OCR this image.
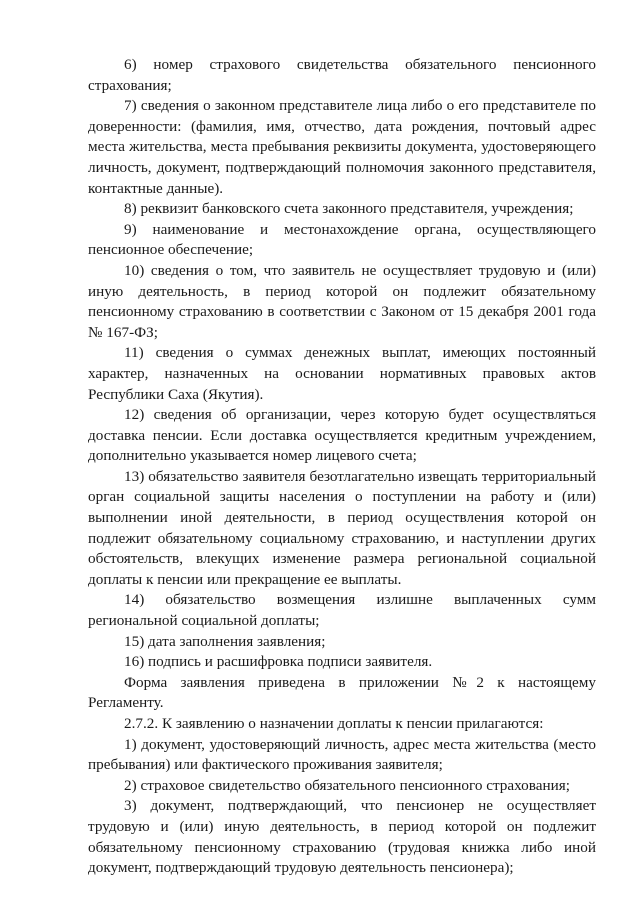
6) номер страхового свидетельства обязательного пенсионного страхования;

7) сведения о законном представителе лица либо о его представителе по доверенности: (фамилия, имя, отчество, дата рождения, почтовый адрес места жительства, места пребывания реквизиты документа, удостоверяющего личность, документ, подтверждающий полномочия законного представителя, контактные данные).

8) реквизит банковского счета законного представителя, учреждения;

9) наименование и местонахождение органа, осуществляющего пенсионное обеспечение;

10) сведения о том, что заявитель не осуществляет трудовую и (или) иную деятельность, в период которой он подлежит обязательному пенсионному страхованию в соответствии с Законом от 15 декабря 2001 года № 167-ФЗ;

11) сведения о суммах денежных выплат, имеющих постоянный характер, назначенных на основании нормативных правовых актов Республики Саха (Якутия).

12) сведения об организации, через которую будет осуществляться доставка пенсии. Если доставка осуществляется кредитным учреждением, дополнительно указывается номер лицевого счета;

13) обязательство заявителя безотлагательно извещать территориальный орган социальной защиты населения о поступлении на работу и (или) выполнении иной деятельности, в период осуществления которой он подлежит обязательному социальному страхованию, и наступлении других обстоятельств, влекущих изменение размера региональной социальной доплаты к пенсии или прекращение ее выплаты.

14) обязательство возмещения излишне выплаченных сумм региональной социальной доплаты;

15) дата заполнения заявления;

16) подпись и расшифровка подписи заявителя.

Форма заявления приведена в приложении №2 к настоящему Регламенту.

2.7.2. К заявлению о назначении доплаты к пенсии прилагаются:

1) документ, удостоверяющий личность, адрес места жительства (место пребывания) или фактического проживания заявителя;

2) страховое свидетельство обязательного пенсионного страхования;

3) документ, подтверждающий, что пенсионер не осуществляет трудовую и (или) иную деятельность, в период которой он подлежит обязательному пенсионному страхованию (трудовая книжка либо иной документ, подтверждающий трудовую деятельность пенсионера);
